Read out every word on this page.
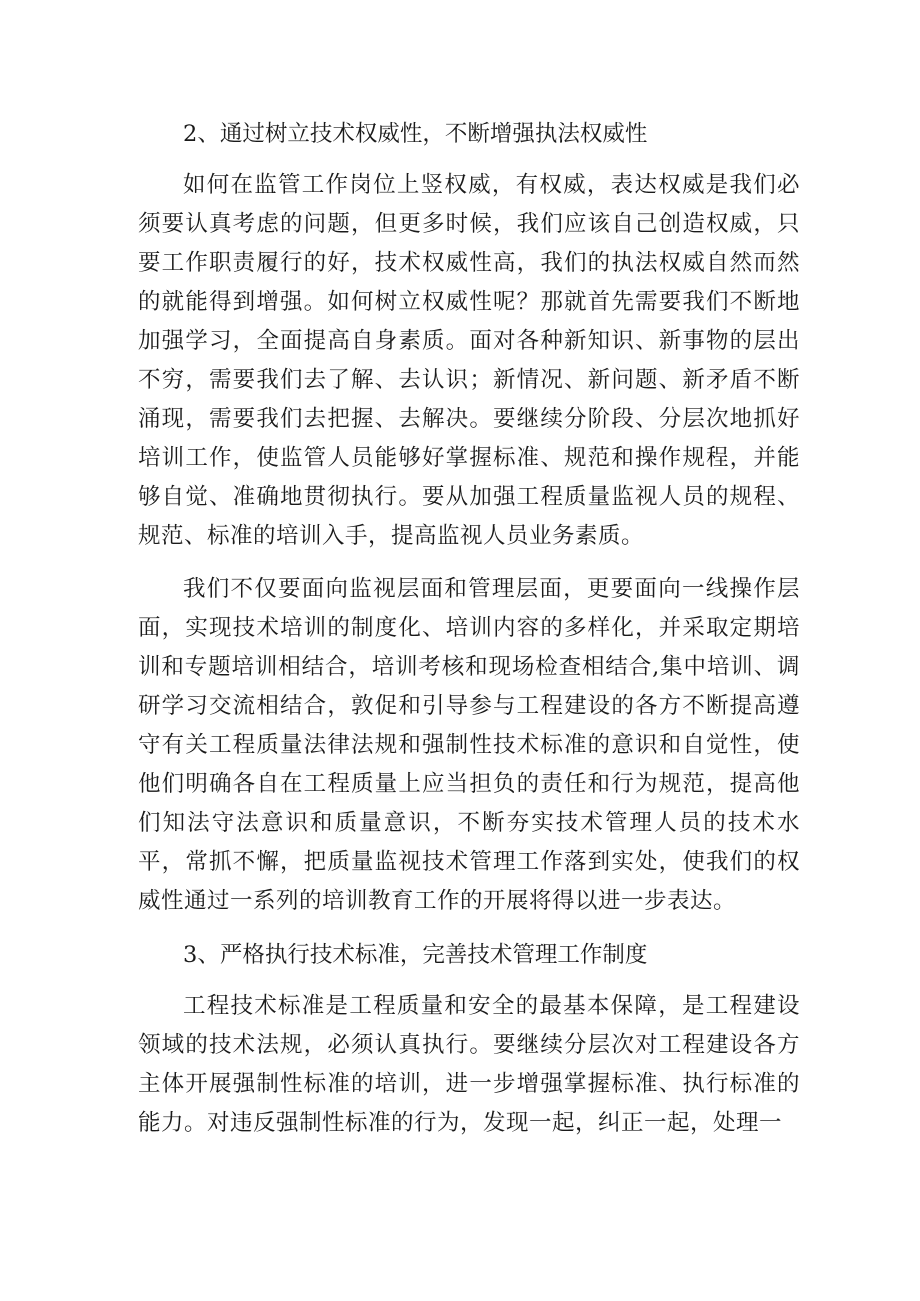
2、通过树立技术权威性，不断增强执法权威性

如何在监管工作岗位上竖权威，有权威，表达权威是我们必须要认真考虑的问题，但更多时候，我们应该自己创造权威，只要工作职责履行的好，技术权威性高，我们的执法权威自然而然的就能得到增强。如何树立权威性呢？那就首先需要我们不断地加强学习，全面提高自身素质。面对各种新知识、新事物的层出不穷，需要我们去了解、去认识；新情况、新问题、新矛盾不断涌现，需要我们去把握、去解决。要继续分阶段、分层次地抓好培训工作，使监管人员能够好掌握标准、规范和操作规程，并能够自觉、准确地贯彻执行。要从加强工程质量监视人员的规程、规范、标准的培训入手，提高监视人员业务素质。

我们不仅要面向监视层面和管理层面，更要面向一线操作层面，实现技术培训的制度化、培训内容的多样化，并采取定期培训和专题培训相结合，培训考核和现场检查相结合,集中培训、调研学习交流相结合，敦促和引导参与工程建设的各方不断提高遵守有关工程质量法律法规和强制性技术标准的意识和自觉性，使他们明确各自在工程质量上应当担负的责任和行为规范，提高他们知法守法意识和质量意识，不断夯实技术管理人员的技术水平，常抓不懈，把质量监视技术管理工作落到实处，使我们的权威性通过一系列的培训教育工作的开展将得以进一步表达。

3、严格执行技术标准，完善技术管理工作制度

工程技术标准是工程质量和安全的最基本保障，是工程建设领域的技术法规，必须认真执行。要继续分层次对工程建设各方主体开展强制性标准的培训，进一步增强掌握标准、执行标准的能力。对违反强制性标准的行为，发现一起，纠正一起，处理一
